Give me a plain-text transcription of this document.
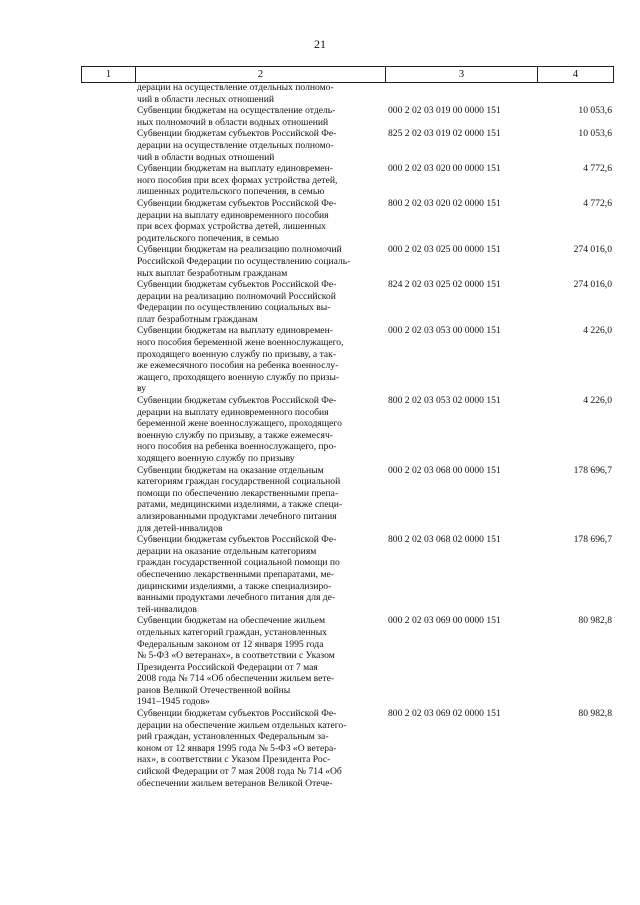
21
1	2	3	4
дерации на осуществление отдельных полномо-
чий в области лесных отношений
Субвенции бюджетам на осуществление отдель-
ных полномочий в области водных отношений
000 2 02 03 019 00 0000 151	10 053,6
Субвенции бюджетам субъектов Российской Фе-
дерации на осуществление отдельных полномо-
чий в области водных отношений
825 2 02 03 019 02 0000 151	10 053,6
Субвенции бюджетам на выплату единовремен-
ного пособия при всех формах устройства детей,
лишенных родительского попечения, в семью
000 2 02 03 020 00 0000 151	4 772,6
Субвенции бюджетам субъектов Российской Фе-
дерации на выплату единовременного пособия
при всех формах устройства детей, лишенных
родительского попечения, в семью
800 2 02 03 020 02 0000 151	4 772,6
Субвенции бюджетам на реализацию полномочий
Российской Федерации по осуществлению социаль-
ных выплат безработным гражданам
000 2 02 03 025 00 0000 151	274 016,0
Субвенции бюджетам субъектов Российской Фе-
дерации на реализацию полномочий Российской
Федерации по осуществлению социальных вы-
плат безработным гражданам
824 2 02 03 025 02 0000 151	274 016,0
Субвенции бюджетам на выплату единовремен-
ного пособия беременной жене военнослужащего,
проходящего военную службу по призыву, а так-
же ежемесячного пособия на ребенка военнослу-
жащего, проходящего военную службу по призы-
ву
000 2 02 03 053 00 0000 151	4 226,0
Субвенции бюджетам субъектов Российской Фе-
дерации на выплату единовременного пособия
беременной жене военнослужащего, проходящего
военную службу по призыву, а также ежемесяч-
ного пособия на ребенка военнослужащего, про-
ходящего военную службу по призыву
800 2 02 03 053 02 0000 151	4 226,0
Субвенции бюджетам на оказание отдельным
категориям граждан государственной социальной
помощи по обеспечению лекарственными препа-
ратами, медицинскими изделиями, а также специ-
ализированными продуктами лечебного питания
для детей-инвалидов
000 2 02 03 068 00 0000 151	178 696,7
Субвенции бюджетам субъектов Российской Фе-
дерации на оказание отдельным категориям
граждан государственной социальной помощи по
обеспечению лекарственными препаратами, ме-
дицинскими изделиями, а также специализиро-
ванными продуктами лечебного питания для де-
тей-инвалидов
800 2 02 03 068 02 0000 151	178 696,7
Субвенции бюджетам на обеспечение жильем
отдельных категорий граждан, установленных
Федеральным законом от 12 января 1995 года
№ 5-ФЗ «О ветеранах», в соответствии с Указом
Президента Российской Федерации от 7 мая
2008 года № 714 «Об обеспечении жильем вете-
ранов Великой Отечественной войны
1941–1945 годов»
000 2 02 03 069 00 0000 151	80 982,8
Субвенции бюджетам субъектов Российской Фе-
дерации на обеспечение жильем отдельных катего-
рий граждан, установленных Федеральным за-
коном от 12 января 1995 года № 5-ФЗ «О ветера-
нах», в соответствии с Указом Президента Рос-
сийской Федерации от 7 мая 2008 года № 714 «Об
обеспечении жильем ветеранов Великой Отече-
800 2 02 03 069 02 0000 151	80 982,8
